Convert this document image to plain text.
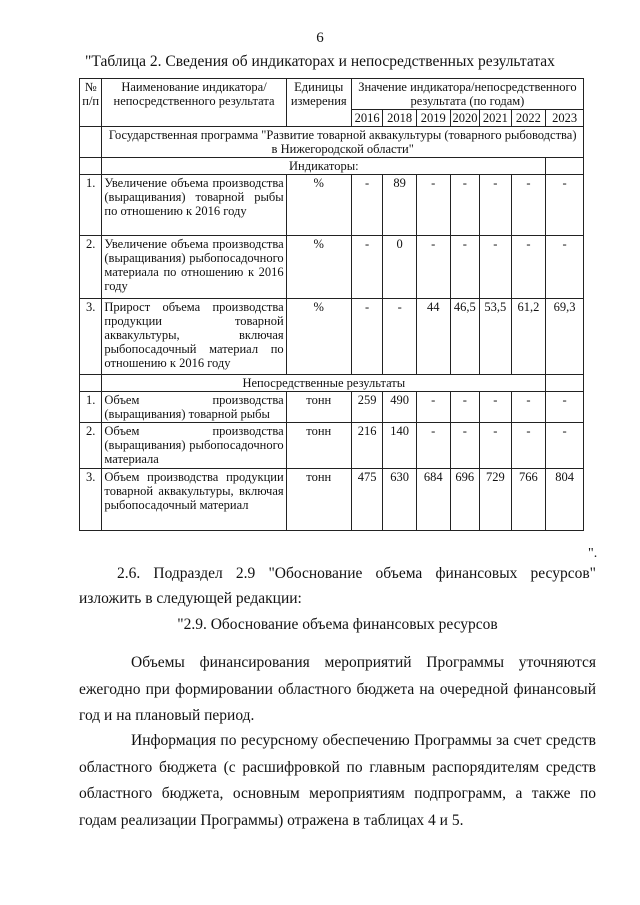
6
"Таблица 2. Сведения об индикаторах и непосредственных результатах
№ п/п	Наименование индикатора/непосредственного результата	Единицы измерения	Значение индикатора/непосредственного результата (по годам)						
			2016	2018	2019	2020	2021	2022	2023
	Государственная программа "Развитие товарной аквакультуры (товарного рыбоводства) в Нижегородской области"								
	Индикаторы:								
1.	Увеличение объема производства (выращивания) товарной рыбы по отношению к 2016 году	%	-	89	-	-	-	-	-
2.	Увеличение объема производства (выращивания) рыбопосадочного материала по отношению к 2016 году	%	-	0	-	-	-	-	-
3.	Прирост объема производства продукции товарной аквакультуры, включая рыбопосадочный материал по отношению к 2016 году	%	-	-	44	46,5	53,5	61,2	69,3
	Непосредственные результаты								
1.	Объем производства (выращивания) товарной рыбы	тонн	259	490	-	-	-	-	-
2.	Объем производства (выращивания) рыбопосадочного материала	тонн	216	140	-	-	-	-	-
3.	Объем производства продукции товарной аквакультуры, включая рыбопосадочный материал	тонн	475	630	684	696	729	766	804
".

2.6. Подраздел 2.9 "Обоснование объема финансовых ресурсов" изложить в следующей редакции:

"2.9. Обоснование объема финансовых ресурсов

Объемы финансирования мероприятий Программы уточняются ежегодно при формировании областного бюджета на очередной финансовый год и на плановый период.

Информация по ресурсному обеспечению Программы за счет средств областного бюджета (с расшифровкой по главным распорядителям средств областного бюджета, основным мероприятиям подпрограмм, а также по годам реализации Программы) отражена в таблицах 4 и 5.
